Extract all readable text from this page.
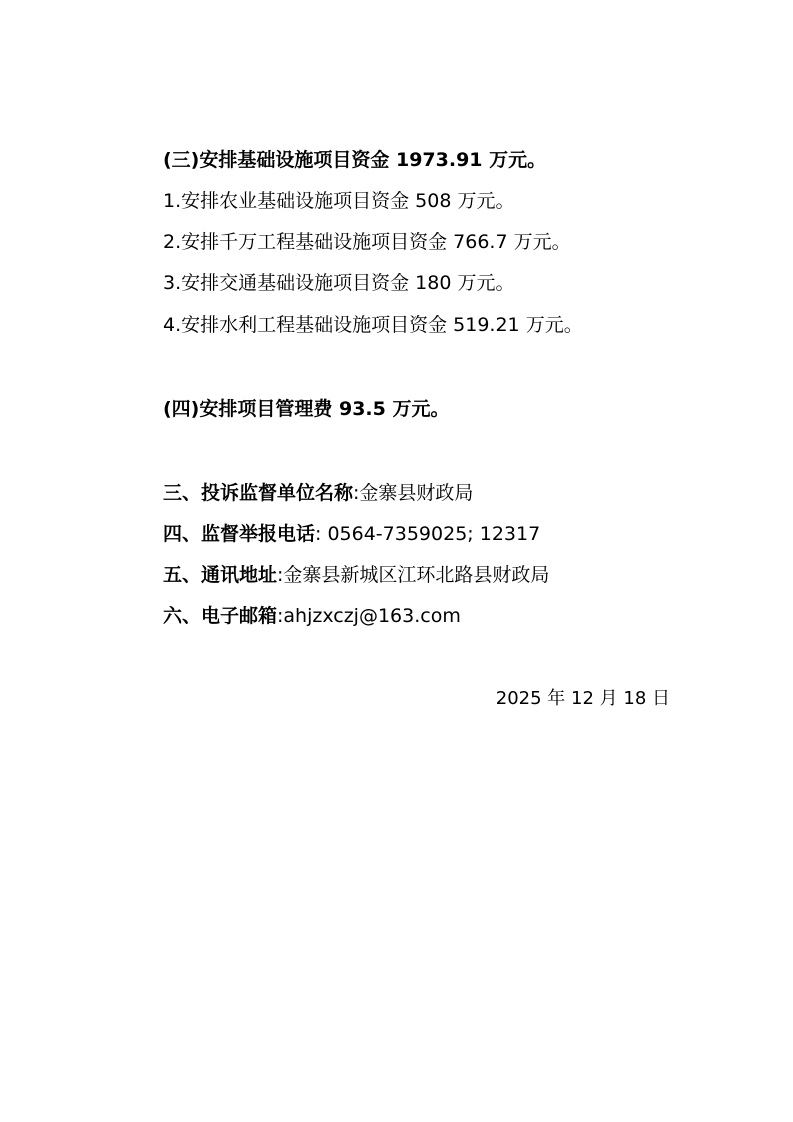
(三)安排基础设施项目资金 1973.91 万元。
1.安排农业基础设施项目资金 508 万元。
2.安排千万工程基础设施项目资金 766.7 万元。
3.安排交通基础设施项目资金 180 万元。
4.安排水利工程基础设施项目资金 519.21 万元。
(四)安排项目管理费 93.5 万元。
三、投诉监督单位名称:金寨县财政局
四、监督举报电话: 0564-7359025; 12317
五、通讯地址:金寨县新城区江环北路县财政局
六、电子邮箱:ahjzxczj@163.com
2025 年 12 月 18 日
